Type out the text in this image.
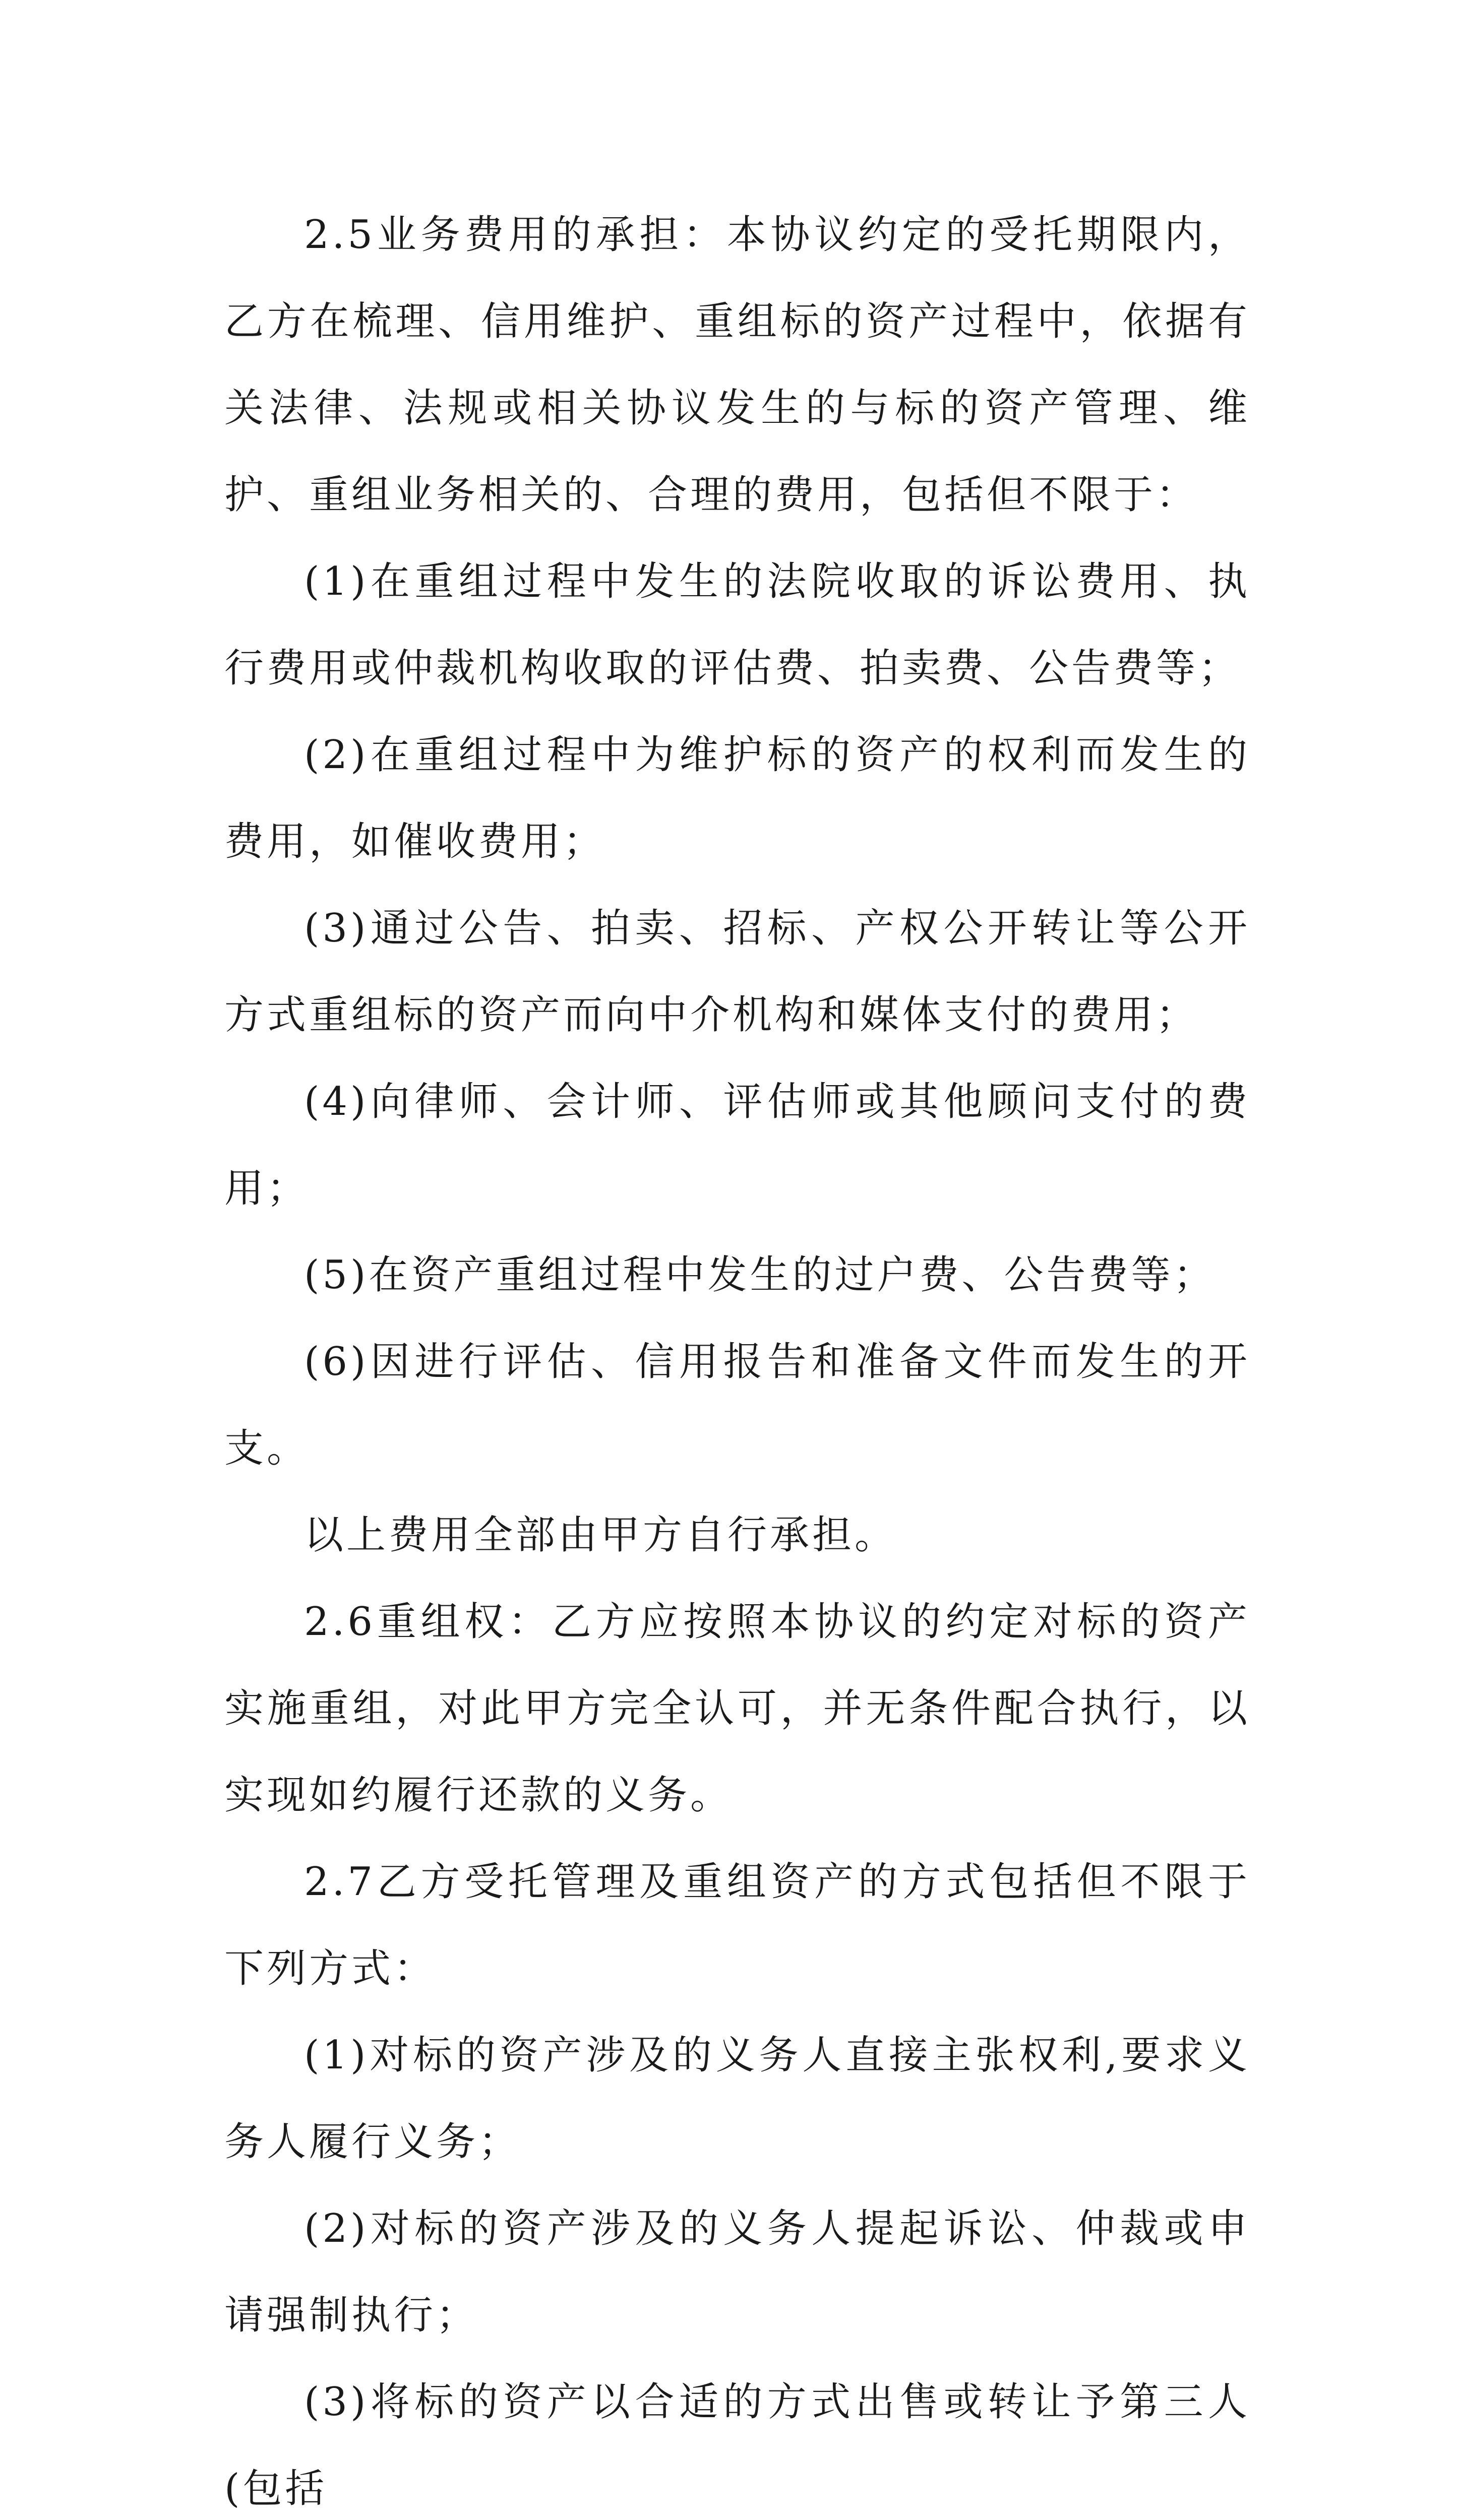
2.5业务费用的承担：本协议约定的受托期限内，乙方在梳理、信用维护、重组标的资产过程中，依据有关法律、法规或相关协议发生的与标的资产管理、维护、重组业务相关的、合理的费用，包括但不限于：

(1)在重组过程中发生的法院收取的诉讼费用、执行费用或仲裁机构收取的评估费、拍卖费、公告费等；

(2)在重组过程中为维护标的资产的权利而发生的费用，如催收费用；

(3)通过公告、拍卖、招标、产权公开转让等公开方式重组标的资产而向中介机构和媒体支付的费用；

(4)向律师、会计师、评估师或其他顾问支付的费用；

(5)在资产重组过程中发生的过户费、公告费等；

(6)因进行评估、信用报告和准备文件而发生的开支。

以上费用全部由甲方自行承担。

2.6重组权：乙方应按照本协议的约定对标的资产实施重组，对此甲方完全认可，并无条件配合执行，以实现如约履行还款的义务。

2.7乙方受托管理及重组资产的方式包括但不限于下列方式：

(1)对标的资产涉及的义务人直接主张权利,要求义务人履行义务；

(2)对标的资产涉及的义务人提起诉讼、仲裁或申请强制执行；

(3)将标的资产以合适的方式出售或转让予第三人(包括
